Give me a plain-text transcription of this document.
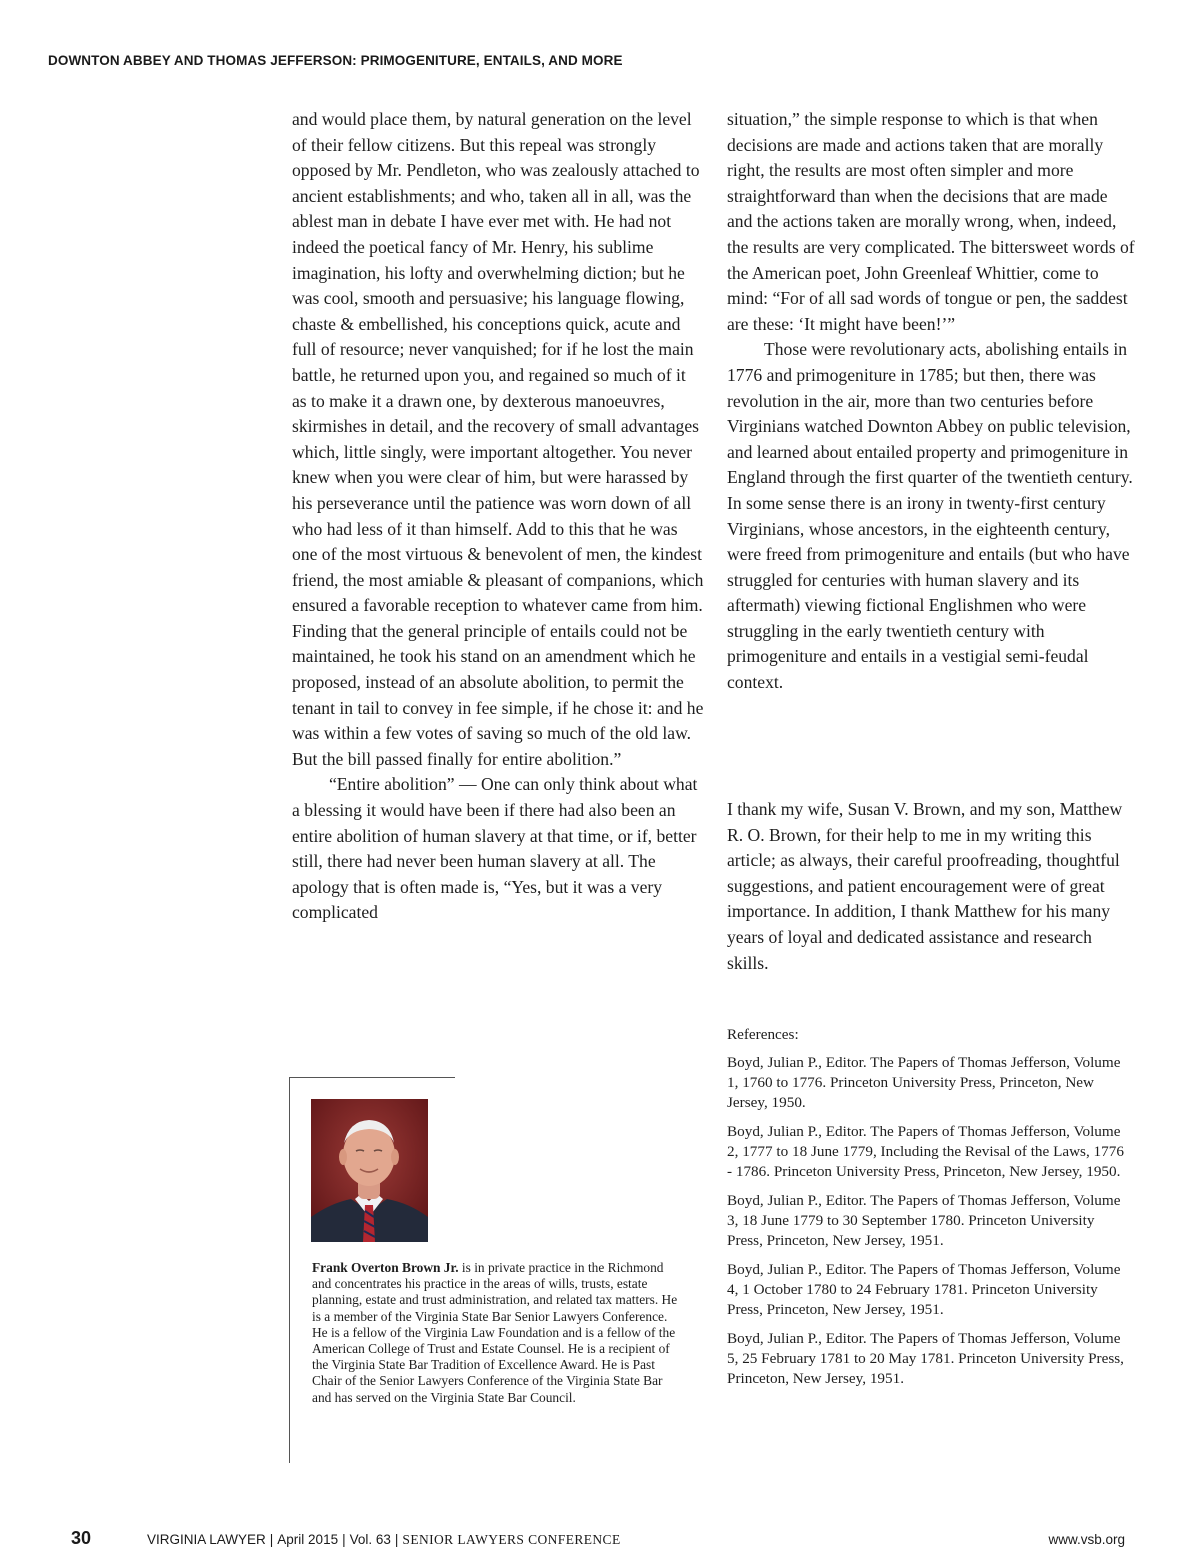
DOWNTON ABBEY AND THOMAS JEFFERSON: PRIMOGENITURE, ENTAILS, AND MORE

and would place them, by natural generation on the level of their fellow citizens. But this repeal was strongly opposed by Mr. Pendleton, who was zealously attached to ancient establishments; and who, taken all in all, was the ablest man in debate I have ever met with. He had not indeed the poetical fancy of Mr. Henry, his sublime imagination, his lofty and overwhelming diction; but he was cool, smooth and persuasive; his language flowing, chaste & embellished, his conceptions quick, acute and full of resource; never vanquished; for if he lost the main battle, he returned upon you, and regained so much of it as to make it a drawn one, by dexterous manoeuvres, skirmishes in detail, and the recovery of small advantages which, little singly, were important altogether. You never knew when you were clear of him, but were harassed by his perseverance until the patience was worn down of all who had less of it than himself. Add to this that he was one of the most virtuous & benevolent of men, the kindest friend, the most amiable & pleasant of companions, which ensured a favorable reception to whatever came from him. Finding that the general principle of entails could not be maintained, he took his stand on an amendment which he proposed, instead of an absolute abolition, to permit the tenant in tail to convey in fee simple, if he chose it: and he was within a few votes of saving so much of the old law. But the bill passed finally for entire abolition.”

“Entire abolition” — One can only think about what a blessing it would have been if there had also been an entire abolition of human slavery at that time, or if, better still, there had never been human slavery at all. The apology that is often made is, “Yes, but it was a very complicated

situation,” the simple response to which is that when decisions are made and actions taken that are morally right, the results are most often simpler and more straightforward than when the decisions that are made and the actions taken are morally wrong, when, indeed, the results are very complicated. The bittersweet words of the American poet, John Greenleaf Whittier, come to mind: “For of all sad words of tongue or pen, the saddest are these: ‘It might have been!’”

Those were revolutionary acts, abolishing entails in 1776 and primogeniture in 1785; but then, there was revolution in the air, more than two centuries before Virginians watched Downton Abbey on public television, and learned about entailed property and primogeniture in England through the first quarter of the twentieth century. In some sense there is an irony in twenty-first century Virginians, whose ancestors, in the eighteenth century, were freed from primogeniture and entails (but who have struggled for centuries with human slavery and its aftermath) viewing fictional Englishmen who were struggling in the early twentieth century with primogeniture and entails in a vestigial semi-feudal context.

I thank my wife, Susan V. Brown, and my son, Matthew R. O. Brown, for their help to me in my writing this article; as always, their careful proofreading, thoughtful suggestions, and patient encouragement were of great importance. In addition, I thank Matthew for his many years of loyal and dedicated assistance and research skills.

References:

Boyd, Julian P., Editor. The Papers of Thomas Jefferson, Volume 1, 1760 to 1776. Princeton University Press, Princeton, New Jersey, 1950.

Boyd, Julian P., Editor. The Papers of Thomas Jefferson, Volume 2, 1777 to 18 June 1779, Including the Revisal of the Laws, 1776 - 1786. Princeton University Press, Princeton, New Jersey, 1950.

Boyd, Julian P., Editor. The Papers of Thomas Jefferson, Volume 3, 18 June 1779 to 30 September 1780. Princeton University Press, Princeton, New Jersey, 1951.

Boyd, Julian P., Editor. The Papers of Thomas Jefferson, Volume 4, 1 October 1780 to 24 February 1781. Princeton University Press, Princeton, New Jersey, 1951.

Boyd, Julian P., Editor. The Papers of Thomas Jefferson, Volume 5, 25 February 1781 to 20 May 1781. Princeton University Press, Princeton, New Jersey, 1951.

Frank Overton Brown Jr. is in private practice in the Richmond and concentrates his practice in the areas of wills, trusts, estate planning, estate and trust administration, and related tax matters. He is a member of the Virginia State Bar Senior Lawyers Conference. He is a fellow of the Virginia Law Foundation and is a fellow of the American College of Trust and Estate Counsel. He is a recipient of the Virginia State Bar Tradition of Excellence Award. He is Past Chair of the Senior Lawyers Conference of the Virginia State Bar and has served on the Virginia State Bar Council.

30	VIRGINIA LAWYER | April 2015 | Vol. 63 | SENIOR LAWYERS CONFERENCE	www.vsb.org
